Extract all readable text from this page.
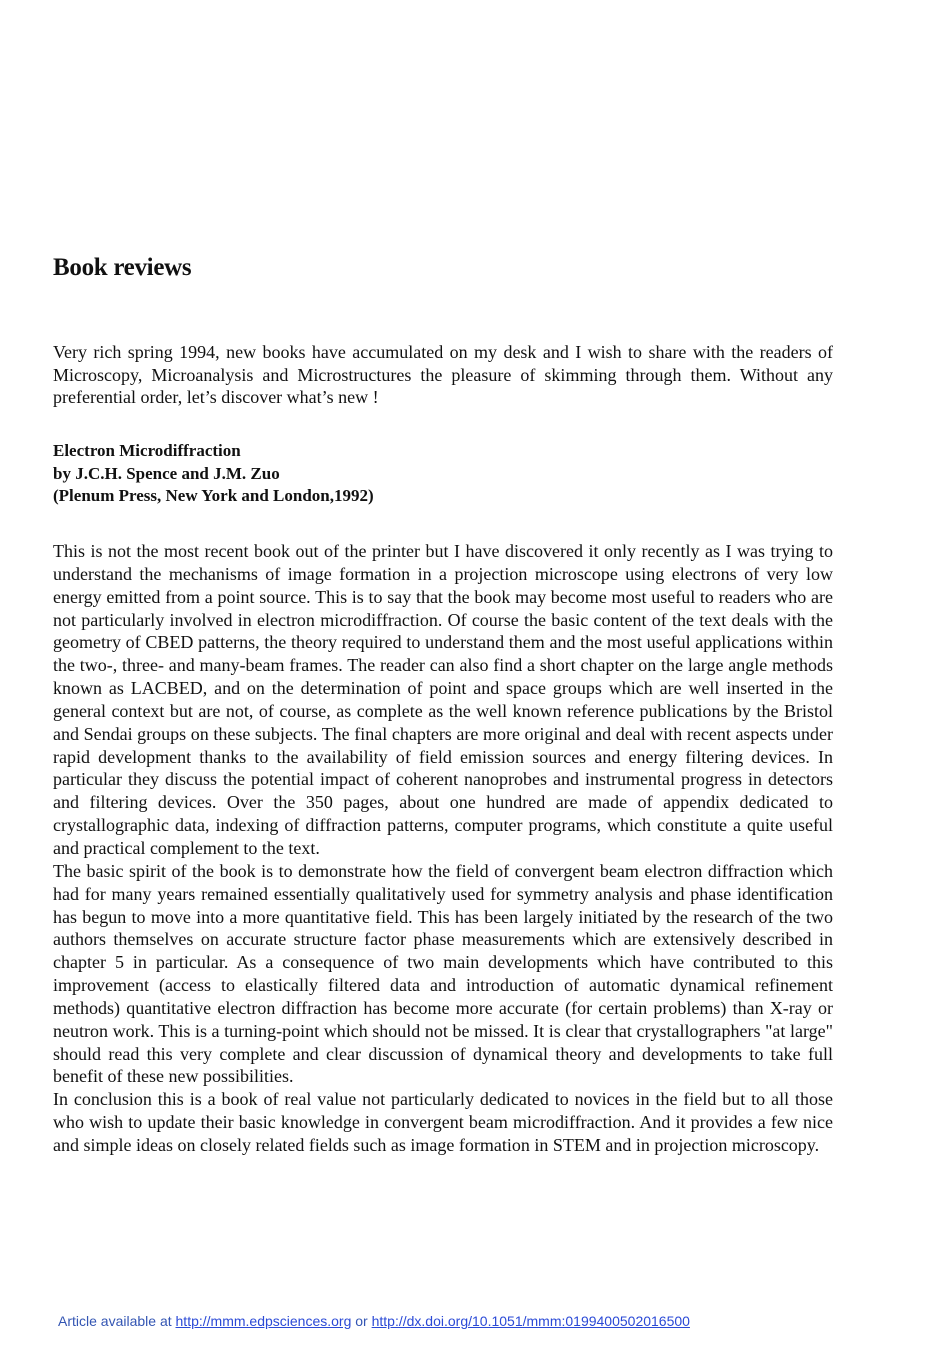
Book reviews

Very rich spring 1994, new books have accumulated on my desk and I wish to share with the readers of Microscopy, Microanalysis and Microstructures the pleasure of skimming through them. Without any preferential order, let’s discover what’s new !

Electron Microdiffraction
by J.C.H. Spence and J.M. Zuo
(Plenum Press, New York and London,1992)

This is not the most recent book out of the printer but I have discovered it only recently as I was trying to understand the mechanisms of image formation in a projection microscope using electrons of very low energy emitted from a point source. This is to say that the book may become most useful to readers who are not particularly involved in electron microdiffraction. Of course the basic content of the text deals with the geometry of CBED patterns, the theory required to understand them and the most useful applications within the two-, three- and many-beam frames. The reader can also find a short chapter on the large angle methods known as LACBED, and on the determination of point and space groups which are well inserted in the general context but are not, of course, as complete as the well known reference publications by the Bristol and Sendai groups on these subjects. The final chapters are more original and deal with recent aspects under rapid development thanks to the availability of field emission sources and energy filtering devices. In particular they discuss the potential impact of coherent nanoprobes and instrumental progress in detectors and filtering devices. Over the 350 pages, about one hundred are made of appendix dedicated to crystallographic data, indexing of diffraction patterns, computer programs, which constitute a quite useful and practical complement to the text.

The basic spirit of the book is to demonstrate how the field of convergent beam electron diffraction which had for many years remained essentially qualitatively used for symmetry analysis and phase identification has begun to move into a more quantitative field. This has been largely initiated by the research of the two authors themselves on accurate structure factor phase measurements which are extensively described in chapter 5 in particular. As a consequence of two main developments which have contributed to this improvement (access to elastically filtered data and introduction of automatic dynamical refinement methods) quantitative electron diffraction has become more accurate (for certain problems) than X-ray or neutron work. This is a turning-point which should not be missed. It is clear that crystallographers "at large" should read this very complete and clear discussion of dynamical theory and developments to take full benefit of these new possibilities.

In conclusion this is a book of real value not particularly dedicated to novices in the field but to all those who wish to update their basic knowledge in convergent beam microdiffraction. And it provides a few nice and simple ideas on closely related fields such as image formation in STEM and in projection microscopy.

Article available at http://mmm.edpsciences.org or http://dx.doi.org/10.1051/mmm:0199400502016500
